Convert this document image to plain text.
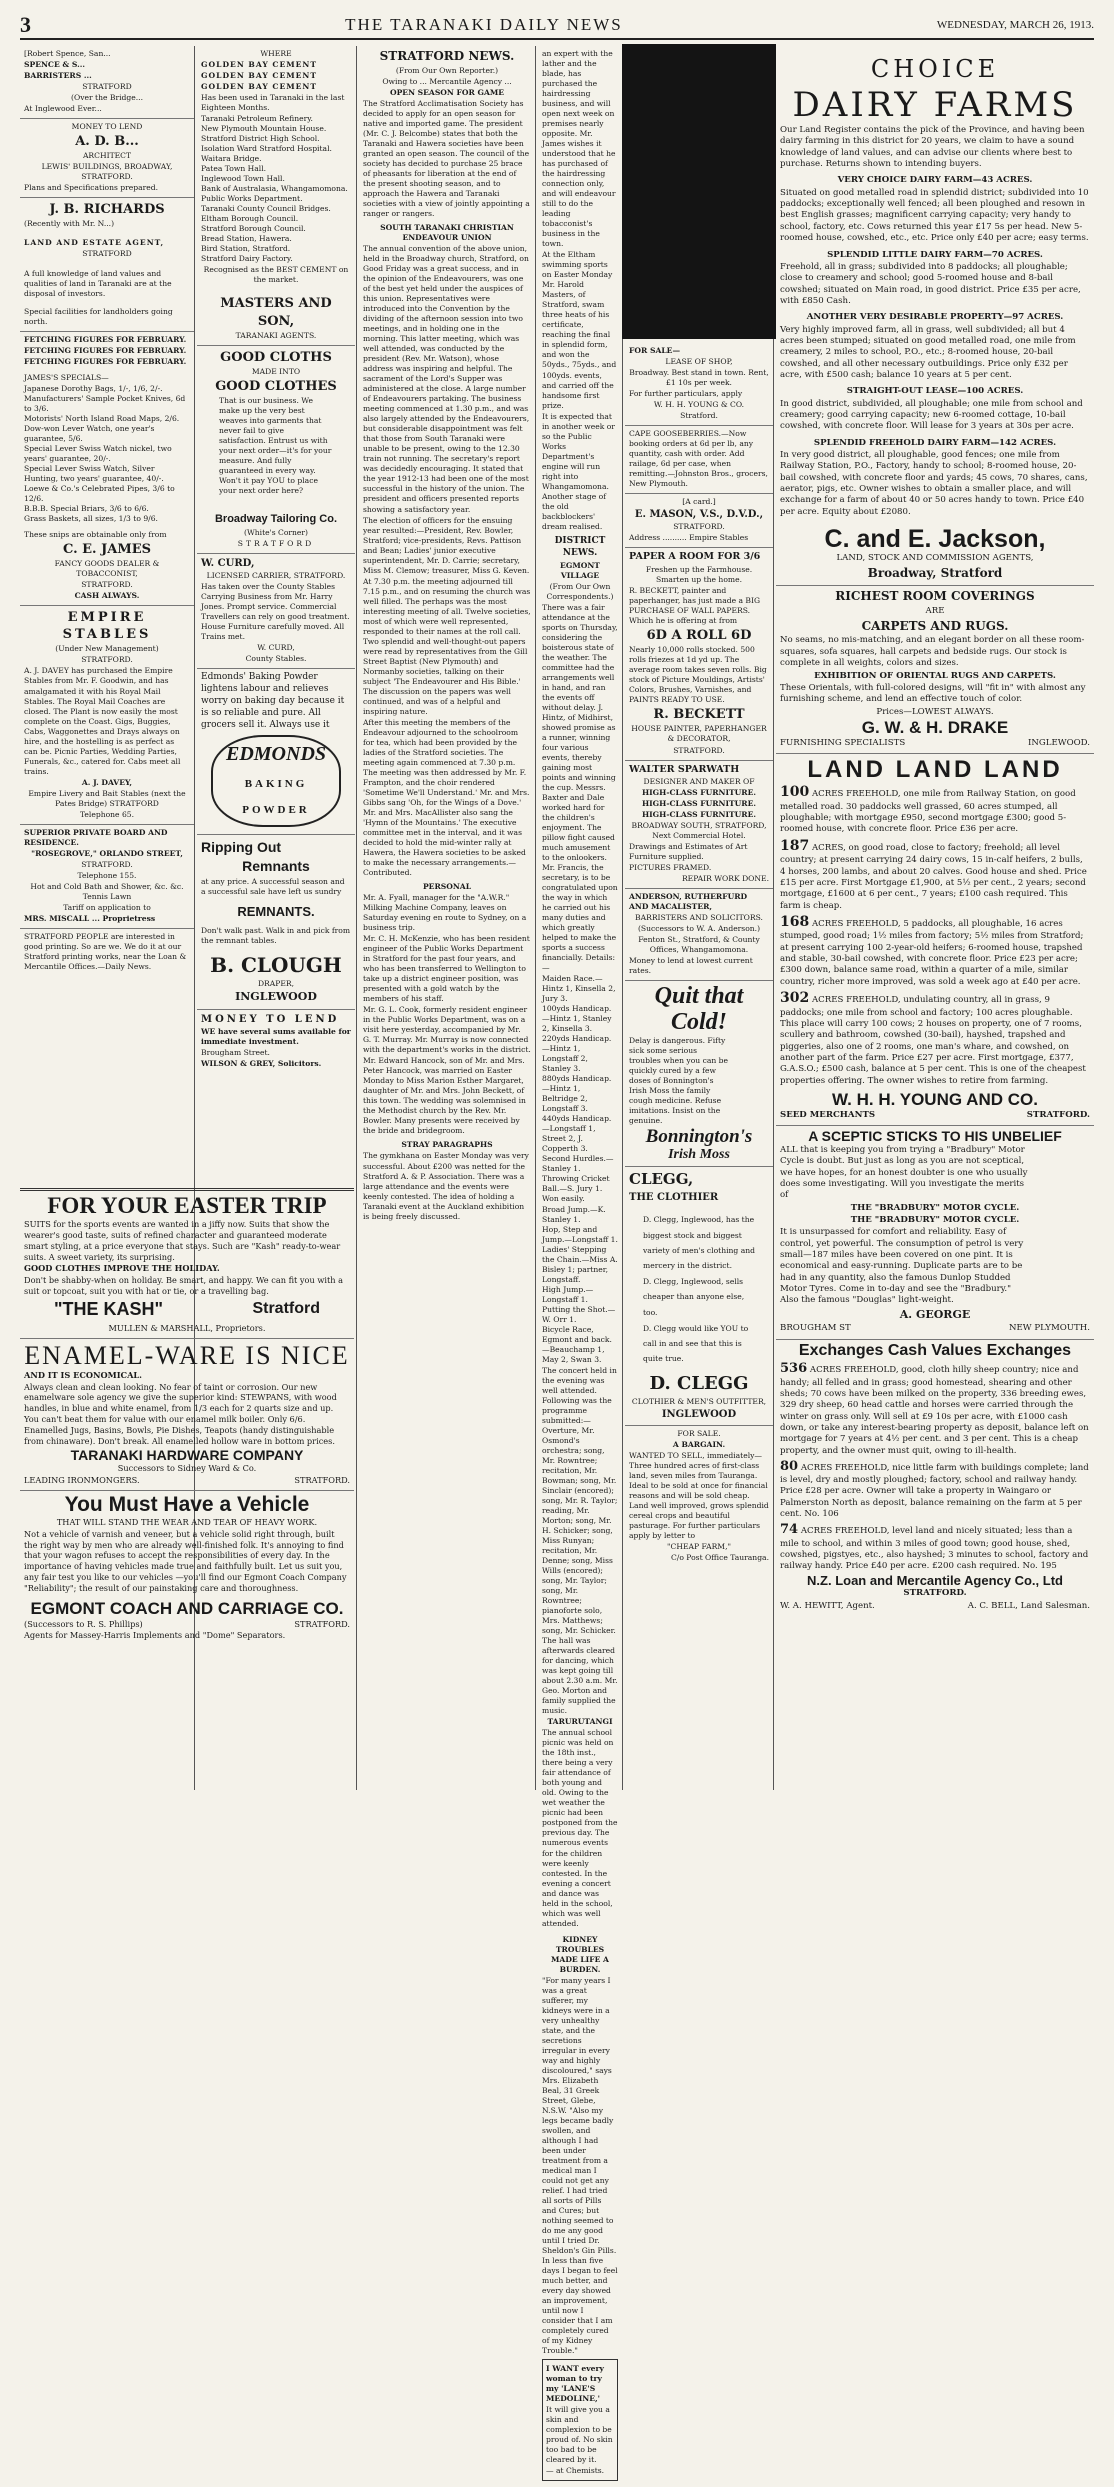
3	THE TARANAKI DAILY NEWS	WEDNESDAY, MARCH 26, 1913.

[Robert Spence, San...

SPENCE & S...

BARRISTERS ...

STRATFORD

(Over the Bridge...

At Inglewood Ever...

MONEY TO LEND

A. D. B...

ARCHITECT

LEWIS' BUILDINGS, BROADWAY, STRATFORD.

Plans and Specifications prepared.

J. B. RICHARDS

(Recently with Mr. N...)

LAND AND ESTATE AGENT,

STRATFORD

A full knowledge of land values and qualities of land in Taranaki are at the disposal of investors.

Special facilities for landholders going north.

FETCHING FIGURES FOR FEBRUARY.

FETCHING FIGURES FOR FEBRUARY.

FETCHING FIGURES FOR FEBRUARY.

JAMES'S SPECIALS—

Japanese Dorothy Bags, 1/-, 1/6, 2/-.

Manufacturers' Sample Pocket Knives, 6d to 3/6.

Motorists' North Island Road Maps, 2/6.

Dow-won Lever Watch, one year's guarantee, 5/6.

Special Lever Swiss Watch nickel, two years' guarantee, 20/-.

Special Lever Swiss Watch, Silver Hunting, two years' guarantee, 40/-.

Loewe & Co.'s Celebrated Pipes, 3/6 to 12/6.

B.B.B. Special Briars, 3/6 to 6/6.

Grass Baskets, all sizes, 1/3 to 9/6.

These snips are obtainable only from

C. E. JAMES

FANCY GOODS DEALER & TOBACCONIST,

STRATFORD.

CASH ALWAYS.

EMPIRE STABLES

(Under New Management)

STRATFORD.

A. J. DAVEY has purchased the Empire Stables from Mr. F. Goodwin, and has amalgamated it with his Royal Mail Stables. The Royal Mail Coaches are closed. The Plant is now easily the most complete on the Coast. Gigs, Buggies, Cabs, Waggonettes and Drays always on hire, and the hostelling is as perfect as can be. Picnic Parties, Wedding Parties, Funerals, &c., catered for. Cabs meet all trains.

A. J. DAVEY,

Empire Livery and Bait Stables (next the Pates Bridge) STRATFORD

Telephone 65.

SUPERIOR PRIVATE BOARD AND RESIDENCE.

"ROSEGROVE," ORLANDO STREET,

STRATFORD.

Telephone 155.

Hot and Cold Bath and Shower, &c. &c. Tennis Lawn

Tariff on application to

MRS. MISCALL ... Proprietress

STRATFORD PEOPLE are interested in good printing. So are we. We do it at our Stratford printing works, near the Loan & Mercantile Offices.—Daily News.

WHERE

GOLDEN BAY CEMENT

GOLDEN BAY CEMENT

GOLDEN BAY CEMENT

Has been used in Taranaki in the last Eighteen Months.

Taranaki Petroleum Refinery.

New Plymouth Mountain House.

Stratford District High School.

Isolation Ward Stratford Hospital.

Waitara Bridge.

Patea Town Hall.

Inglewood Town Hall.

Bank of Australasia, Whangamomona.

Public Works Department.

Taranaki County Council Bridges.

Eltham Borough Council.

Stratford Borough Council.

Bread Station, Hawera.

Bird Station, Stratford.

Stratford Dairy Factory.

Recognised as the BEST CEMENT on the market.

MASTERS AND SON,

TARANAKI AGENTS.

GOOD CLOTHS

MADE INTO

GOOD CLOTHES

That is our business. We make up the very best weaves into garments that never fail to give satisfaction. Entrust us with your next order—it's for your measure. And fully guaranteed in every way. Won't it pay YOU to place your next order here?

Broadway Tailoring Co.

(White's Corner)

STRATFORD

W. CURD,

LICENSED CARRIER, STRATFORD.

Has taken over the County Stables Carrying Business from Mr. Harry Jones. Prompt service. Commercial Travellers can rely on good treatment. House Furniture carefully moved. All Trains met.

W. CURD,

County Stables.

Edmonds' Baking Powder lightens labour and relieves worry on baking day because it is so reliable and pure. All grocers sell it. Always use it

EDMONDS
BAKING POWDER

Ripping Out

Remnants

at any price. A successful season and a successful sale have left us sundry

REMNANTS.

Don't walk past. Walk in and pick from the remnant tables.

B. CLOUGH

DRAPER,

INGLEWOOD

MONEY TO LEND

WE have several sums available for immediate investment.

Brougham Street.

WILSON & GREY, Solicitors.

STRATFORD NEWS.

(From Our Own Reporter.)

Owing to ... Mercantile Agency ...

OPEN SEASON FOR GAME

The Stratford Acclimatisation Society has decided to apply for an open season for native and imported game. The president (Mr. C. J. Belcombe) states that both the Taranaki and Hawera societies have been granted an open season. The council of the society has decided to purchase 25 brace of pheasants for liberation at the end of the present shooting season, and to approach the Hawera and Taranaki societies with a view of jointly appointing a ranger or rangers.

SOUTH TARANAKI CHRISTIAN ENDEAVOUR UNION

The annual convention of the above union, held in the Broadway church, Stratford, on Good Friday was a great success, and in the opinion of the Endeavourers, was one of the best yet held under the auspices of this union. Representatives were introduced into the Convention by the dividing of the afternoon session into two meetings, and in holding one in the morning. This latter meeting, which was well attended, was conducted by the president (Rev. Mr. Watson), whose address was inspiring and helpful. The sacrament of the Lord's Supper was administered at the close. A large number of Endeavourers partaking. The business meeting commenced at 1.30 p.m., and was also largely attended by the Endeavourers, but considerable disappointment was felt that those from South Taranaki were unable to be present, owing to the 12.30 train not running. The secretary's report was decidedly encouraging. It stated that the year 1912-13 had been one of the most successful in the history of the union. The president and officers presented reports showing a satisfactory year.

The election of officers for the ensuing year resulted:—President, Rev. Bowler, Stratford; vice-presidents, Revs. Pattison and Bean; Ladies' junior executive superintendent, Mr. D. Carrie; secretary, Miss M. Clemow; treasurer, Miss G. Keven.

At 7.30 p.m. the meeting adjourned till 7.15 p.m., and on resuming the church was well filled. The perhaps was the most interesting meeting of all. Twelve societies, most of which were well represented, responded to their names at the roll call. Two splendid and well-thought-out papers were read by representatives from the Gill Street Baptist (New Plymouth) and Normanby societies, talking on their subject 'The Endeavourer and His Bible.' The discussion on the papers was well continued, and was of a helpful and inspiring nature.

After this meeting the members of the Endeavour adjourned to the schoolroom for tea, which had been provided by the ladies of the Stratford societies. The meeting again commenced at 7.30 p.m. The meeting was then addressed by Mr. F. Frampton, and the choir rendered 'Sometime We'll Understand.' Mr. and Mrs. Gibbs sang 'Oh, for the Wings of a Dove.' Mr. and Mrs. MacAllister also sang the 'Hymn of the Mountains.' The executive committee met in the interval, and it was decided to hold the mid-winter rally at Hawera, the Hawera societies to be asked to make the necessary arrangements.—Contributed.

PERSONAL

Mr. A. Fyall, manager for the "A.W.R." Milking Machine Company, leaves on Saturday evening en route to Sydney, on a business trip.

Mr. C. H. McKenzie, who has been resident engineer of the Public Works Department in Stratford for the past four years, and who has been transferred to Wellington to take up a district engineer position, was presented with a gold watch by the members of his staff.

Mr. G. L. Cook, formerly resident engineer in the Public Works Department, was on a visit here yesterday, accompanied by Mr. G. T. Murray. Mr. Murray is now connected with the department's works in the district.

Mr. Edward Hancock, son of Mr. and Mrs. Peter Hancock, was married on Easter Monday to Miss Marion Esther Margaret, daughter of Mr. and Mrs. John Beckett, of this town. The wedding was solemnised in the Methodist church by the Rev. Mr. Bowler. Many presents were received by the bride and bridegroom.

STRAY PARAGRAPHS

The gymkhana on Easter Monday was very successful. About £200 was netted for the Stratford A. & P. Association. There was a large attendance and the events were keenly contested. The idea of holding a Taranaki event at the Auckland exhibition is being freely discussed.

an expert with the lather and the blade, has purchased the hairdressing business, and will open next week on premises nearly opposite. Mr. James wishes it understood that he has purchased of the hairdressing connection only, and will endeavour still to do the leading tobacconist's business in the town.

At the Eltham swimming sports on Easter Monday Mr. Harold Masters, of Stratford, swam three heats of his certificate, reaching the final in splendid form, and won the 50yds., 75yds., and 100yds. events, and carried off the handsome first prize.

It is expected that in another week or so the Public Works Department's engine will run right into Whangamomona. Another stage of the old backblockers' dream realised.

DISTRICT NEWS.

EGMONT VILLAGE

(From Our Own Correspondents.)

There was a fair attendance at the sports on Thursday, considering the boisterous state of the weather. The committee had the arrangements well in hand, and ran the events off without delay. J. Hintz, of Midhirst, showed promise as a runner, winning four various events, thereby gaining most points and winning the cup. Messrs. Baxter and Dale worked hard for the children's enjoyment. The pillow fight caused much amusement to the onlookers. Mr. Francis, the secretary, is to be congratulated upon the way in which he carried out his many duties and which greatly helped to make the sports a success financially. Details:—

Maiden Race.—Hintz 1, Kinsella 2, Jury 3.

100yds Handicap.—Hintz 1, Stanley 2, Kinsella 3.

220yds Handicap.—Hintz 1, Longstaff 2, Stanley 3.

880yds Handicap.—Hintz 1, Beltridge 2, Longstaff 3.

440yds Handicap.—Longstaff 1, Street 2, J. Copperth 3.

Second Hurdles.—Stanley 1.

Throwing Cricket Ball.—S. Jury 1. Won easily.

Broad Jump.—K. Stanley 1.

Hop, Step and Jump.—Longstaff 1.

Ladies' Stepping the Chain.—Miss A. Bisley 1; partner, Longstaff.

High Jump.—Longstaff 1.

Putting the Shot.—W. Orr 1.

Bicycle Race, Egmont and back.—Beauchamp 1, May 2, Swan 3.

The concert held in the evening was well attended. Following was the programme submitted:—Overture, Mr. Osmond's orchestra; song, Mr. Rowntree; recitation, Mr. Bowman; song, Mr. Sinclair (encored); song, Mr. R. Taylor; reading, Mr. Morton; song, Mr. H. Schicker; song, Miss Runyan; recitation, Mr. Denne; song, Miss Wills (encored); song, Mr. Taylor; song, Mr. Rowntree; pianoforte solo, Mrs. Matthews; song, Mr. Schicker. The hall was afterwards cleared for dancing, which was kept going till about 2.30 a.m. Mr. Geo. Morton and family supplied the music.

TARURUTANGI

The annual school picnic was held on the 18th inst., there being a very fair attendance of both young and old. Owing to the wet weather the picnic had been postponed from the previous day. The numerous events for the children were keenly contested. In the evening a concert and dance was held in the school, which was well attended.

KIDNEY TROUBLES MADE LIFE A BURDEN.

"For many years I was a great sufferer, my kidneys were in a very unhealthy state, and the secretions irregular in every way and highly discoloured," says Mrs. Elizabeth Beal, 31 Greek Street, Glebe, N.S.W. "Also my legs became badly swollen, and although I had been under treatment from a medical man I could not get any relief. I had tried all sorts of Pills and Cures; but nothing seemed to do me any good until I tried Dr. Sheldon's Gin Pills. In less than five days I began to feel much better, and every day showed an improvement, until now I consider that I am completely cured of my Kidney Trouble."

I WANT every woman to try my 'LANE'S MEDOLINE,'

It will give you a skin and complexion to be proud of. No skin too bad to be cleared by it.

— at Chemists.

FOR SALE—

LEASE OF SHOP,

Broadway. Best stand in town. Rent, £1 10s per week.

For further particulars, apply

W. H. H. YOUNG & CO.

Stratford.

CAPE GOOSEBERRIES.—Now booking orders at 6d per lb, any quantity, cash with order. Add railage, 6d per case, when remitting.—Johnston Bros., grocers, New Plymouth.

[A card.]

E. MASON, V.S., D.V.D.,

STRATFORD.

Address .......... Empire Stables

PAPER A ROOM FOR 3/6

Freshen up the Farmhouse. Smarten up the home.

R. BECKETT, painter and paperhanger, has just made a BIG PURCHASE OF WALL PAPERS. Which he is offering at from

6D A ROLL 6D

Nearly 10,000 rolls stocked. 500 rolls friezes at 1d yd up. The average room takes seven rolls. Big stock of Picture Mouldings, Artists' Colors, Brushes, Varnishes, and PAINTS READY TO USE.

R. BECKETT

HOUSE PAINTER, PAPERHANGER & DECORATOR,

STRATFORD.

WALTER SPARWATH

DESIGNER AND MAKER OF

HIGH-CLASS FURNITURE.

HIGH-CLASS FURNITURE.

HIGH-CLASS FURNITURE.

BROADWAY SOUTH, STRATFORD, Next Commercial Hotel.

Drawings and Estimates of Art Furniture supplied.

PICTURES FRAMED.

REPAIR WORK DONE.

ANDERSON, RUTHERFURD AND MACALISTER,

BARRISTERS AND SOLICITORS.

(Successors to W. A. Anderson.)

Fenton St., Stratford, & County Offices, Whangamomona.

Money to lend at lowest current rates.

Quit that Cold!

Delay is dangerous. Fifty sick some serious troubles when you can be quickly cured by a few doses of Bonnington's Irish Moss the family cough medicine. Refuse imitations. Insist on the genuine.

Bonnington's

Irish Moss

CLEGG,

THE CLOTHIER

D. Clegg, Inglewood, has the biggest stock and biggest variety of men's clothing and mercery in the district.

D. Clegg, Inglewood, sells cheaper than anyone else, too.

D. Clegg would like YOU to call in and see that this is quite true.

D. CLEGG

CLOTHIER & MEN'S OUTFITTER,

INGLEWOOD

FOR SALE.

A BARGAIN.

WANTED TO SELL, immediately—Three hundred acres of first-class land, seven miles from Tauranga. Ideal to be sold at once for financial reasons and will be sold cheap. Land well improved, grows splendid cereal crops and beautiful pasturage. For further particulars apply by letter to

"CHEAP FARM,"

C/o Post Office Tauranga.

CHOICE

DAIRY FARMS

Our Land Register contains the pick of the Province, and having been dairy farming in this district for 20 years, we claim to have a sound knowledge of land values, and can advise our clients where best to purchase. Returns shown to intending buyers.

VERY CHOICE DAIRY FARM—43 ACRES.

Situated on good metalled road in splendid district; subdivided into 10 paddocks; exceptionally well fenced; all been ploughed and resown in best English grasses; magnificent carrying capacity; very handy to school, factory, etc. Cows returned this year £17 5s per head. New 5-roomed house, cowshed, etc., etc. Price only £40 per acre; easy terms.

SPLENDID LITTLE DAIRY FARM—70 ACRES.

Freehold, all in grass; subdivided into 8 paddocks; all ploughable; close to creamery and school; good 5-roomed house and 8-bail cowshed; situated on Main road, in good district. Price £35 per acre, with £850 Cash.

ANOTHER VERY DESIRABLE PROPERTY—97 ACRES.

Very highly improved farm, all in grass, well subdivided; all but 4 acres been stumped; situated on good metalled road, one mile from creamery, 2 miles to school, P.O., etc.; 8-roomed house, 20-bail cowshed, and all other necessary outbuildings. Price only £32 per acre, with £500 cash; balance 10 years at 5 per cent.

STRAIGHT-OUT LEASE—100 ACRES.

In good district, subdivided, all ploughable; one mile from school and creamery; good carrying capacity; new 6-roomed cottage, 10-bail cowshed, with concrete floor. Will lease for 3 years at 30s per acre.

SPLENDID FREEHOLD DAIRY FARM—142 ACRES.

In very good district, all ploughable, good fences; one mile from Railway Station, P.O., Factory, handy to school; 8-roomed house, 20-bail cowshed, with concrete floor and yards; 45 cows, 70 shares, cans, aerator, pigs, etc. Owner wishes to obtain a smaller place, and will exchange for a farm of about 40 or 50 acres handy to town. Price £40 per acre. Equity about £2080.

C. and E. Jackson,

LAND, STOCK AND COMMISSION AGENTS,

Broadway, Stratford

RICHEST ROOM COVERINGS

ARE

CARPETS AND RUGS.

No seams, no mis-matching, and an elegant border on all these room-squares, sofa squares, hall carpets and bedside rugs. Our stock is complete in all weights, colors and sizes.

EXHIBITION OF ORIENTAL RUGS AND CARPETS.

These Orientals, with full-colored designs, will "fit in" with almost any furnishing scheme, and lend an effective touch of color.

Prices—LOWEST ALWAYS.

G. W. & H. DRAKE

FURNISHING SPECIALISTS	INGLEWOOD.

LAND LAND LAND

100 ACRES FREEHOLD, one mile from Railway Station, on good metalled road. 30 paddocks well grassed, 60 acres stumped, all ploughable; with mortgage £950, second mortgage £300; good 5-roomed house, with concrete floor. Price £36 per acre.

187 ACRES, on good road, close to factory; freehold; all level country; at present carrying 24 dairy cows, 15 in-calf heifers, 2 bulls, 4 horses, 200 lambs, and about 20 calves. Good house and shed. Price £15 per acre. First Mortgage £1,900, at 5½ per cent., 2 years; second mortgage, £1600 at 6 per cent., 7 years; £100 cash required. This farm is cheap.

168 ACRES FREEHOLD, 5 paddocks, all ploughable, 16 acres stumped, good road; 1½ miles from factory; 5½ miles from Stratford; at present carrying 100 2-year-old heifers; 6-roomed house, trapshed and stable, 30-bail cowshed, with concrete floor. Price £23 per acre; £300 down, balance same road, within a quarter of a mile, similar country, richer more improved, was sold a week ago at £40 per acre.

302 ACRES FREEHOLD, undulating country, all in grass, 9 paddocks; one mile from school and factory; 100 acres ploughable. This place will carry 100 cows; 2 houses on property, one of 7 rooms, scullery and bathroom, cowshed (30-bail), hayshed, trapshed and piggeries, also one of 2 rooms, one man's whare, and cowshed, on another part of the farm. Price £27 per acre. First mortgage, £377, G.A.S.O.; £500 cash, balance at 5 per cent. This is one of the cheapest properties offering. The owner wishes to retire from farming.

W. H. H. YOUNG AND CO.

SEED MERCHANTS	STRATFORD.

A SCEPTIC STICKS TO HIS UNBELIEF

ALL that is keeping you from trying a "Bradbury" Motor Cycle is doubt. But just as long as you are not sceptical, we have hopes, for an honest doubter is one who usually does some investigating. Will you investigate the merits of

THE "BRADBURY" MOTOR CYCLE.

THE "BRADBURY" MOTOR CYCLE.

It is unsurpassed for comfort and reliability. Easy of control, yet powerful. The consumption of petrol is very small—187 miles have been covered on one pint. It is economical and easy-running. Duplicate parts are to be had in any quantity, also the famous Dunlop Studded Motor Tyres. Come in to-day and see the "Bradbury." Also the famous "Douglas" light-weight.

A. GEORGE

BROUGHAM ST	NEW PLYMOUTH.

Exchanges Cash Values Exchanges

536 ACRES FREEHOLD, good, cloth hilly sheep country; nice and handy; all felled and in grass; good homestead, shearing and other sheds; 70 cows have been milked on the property, 336 breeding ewes, 329 dry sheep, 60 head cattle and horses were carried through the winter on grass only. Will sell at £9 10s per acre, with £1000 cash down, or take any interest-bearing property as deposit, balance left on mortgage for 7 years at 4½ per cent. and 3 per cent. This is a cheap property, and the owner must quit, owing to ill-health.

80 ACRES FREEHOLD, nice little farm with buildings complete; land is level, dry and mostly ploughed; factory, school and railway handy. Price £28 per acre. Owner will take a property in Waingaro or Palmerston North as deposit, balance remaining on the farm at 5 per cent. No. 106

74 ACRES FREEHOLD, level land and nicely situated; less than a mile to school, and within 3 miles of good town; good house, shed, cowshed, pigstyes, etc., also hayshed; 3 minutes to school, factory and railway handy. Price £40 per acre. £200 cash required. No. 195

N.Z. Loan and Mercantile Agency Co., Ltd

STRATFORD.

W. A. HEWITT, Agent.	A. C. BELL, Land Salesman.

FOR YOUR EASTER TRIP

SUITS for the sports events are wanted in a jiffy now. Suits that show the wearer's good taste, suits of refined character and guaranteed moderate smart styling, at a price everyone that stays. Such are "Kash" ready-to-wear suits. A sweet variety, its surprising.

GOOD CLOTHES IMPROVE THE HOLIDAY.

Don't be shabby-when on holiday. Be smart, and happy. We can fit you with a suit or topcoat, suit you with hat or tie, or a travelling bag.

"THE KASH"	Stratford

MULLEN & MARSHALL, Proprietors.

ENAMEL-WARE IS NICE

AND IT IS ECONOMICAL.

Always clean and clean looking. No fear of taint or corrosion. Our new enamelware sole agency we give the superior kind: STEWPANS, with wood handles, in blue and white enamel, from 1/3 each for 2 quarts size and up. You can't beat them for value with our enamel milk boiler. Only 6/6. Enamelled Jugs, Basins, Bowls, Pie Dishes, Teapots (handy distinguishable from chinaware). Don't break. All enamelled hollow ware in bottom prices.

TARANAKI HARDWARE COMPANY

Successors to Sidney Ward & Co.

LEADING IRONMONGERS.	STRATFORD.

You Must Have a Vehicle

THAT WILL STAND THE WEAR AND TEAR OF HEAVY WORK.

Not a vehicle of varnish and veneer, but a vehicle solid right through, built the right way by men who are already well-finished folk. It's annoying to find that your wagon refuses to accept the responsibilities of every day. In the importance of having vehicles made true and faithfully built. Let us suit you, any fair test you like to our vehicles —you'll find our Egmont Coach Company "Reliability"; the result of our painstaking care and thoroughness.

EGMONT COACH AND CARRIAGE CO.

(Successors to R. S. Phillips)	STRATFORD.

Agents for Massey-Harris Implements and "Dome" Separators.
